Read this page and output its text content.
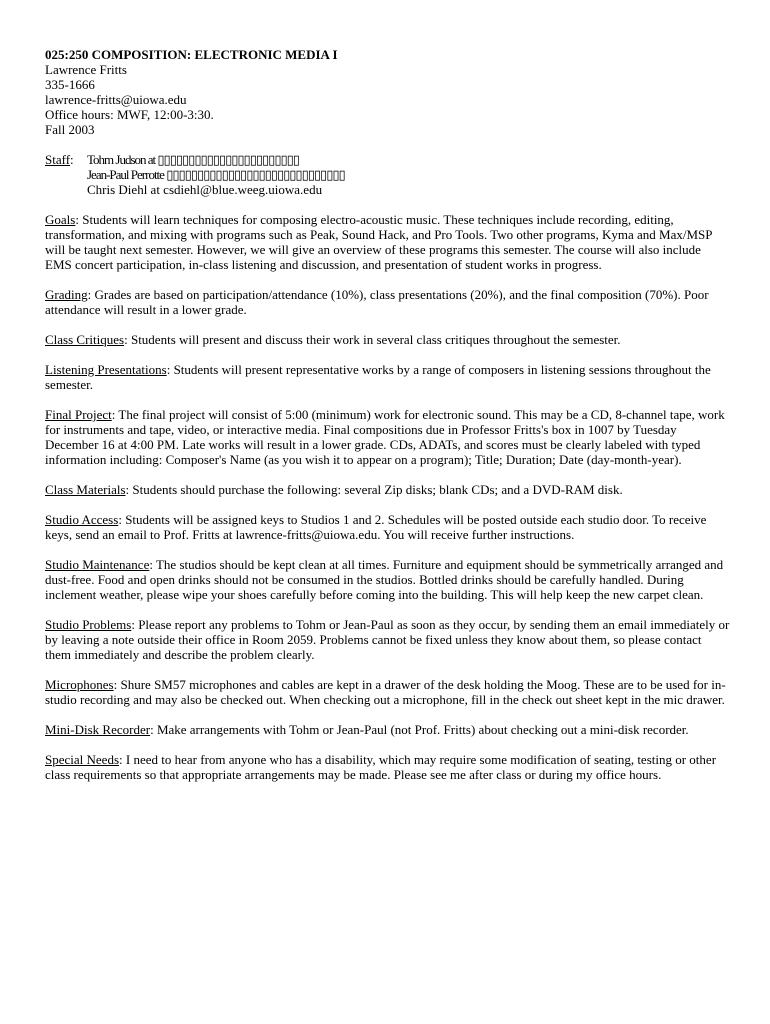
025:250 COMPOSITION: ELECTRONIC MEDIA I

Lawrence Fritts

335-1666

lawrence-fritts@uiowa.edu

Office hours: MWF, 12:00-3:30.

Fall 2003

Staff:	Tohm Judson at ▯▯▯▯▯▯▯▯▯▯▯▯▯▯▯▯▯▯▯▯▯▯▯
Jean-Paul Perrotte ▯▯▯▯▯▯▯▯▯▯▯▯▯▯▯▯▯▯▯▯▯▯▯▯▯▯▯▯▯
Chris Diehl at csdiehl@blue.weeg.uiowa.edu

Goals: Students will learn techniques for composing electro-acoustic music. These techniques include recording, editing, transformation, and mixing with programs such as Peak, Sound Hack, and Pro Tools. Two other programs, Kyma and Max/MSP will be taught next semester. However, we will give an overview of these programs this semester. The course will also include EMS concert participation, in-class listening and discussion, and presentation of student works in progress.

Grading: Grades are based on participation/attendance (10%), class presentations (20%), and the final composition (70%). Poor attendance will result in a lower grade.

Class Critiques: Students will present and discuss their work in several class critiques throughout the semester.

Listening Presentations: Students will present representative works by a range of composers in listening sessions throughout the semester.

Final Project: The final project will consist of 5:00 (minimum) work for electronic sound. This may be a CD, 8-channel tape, work for instruments and tape, video, or interactive media. Final compositions due in Professor Fritts's box in 1007 by Tuesday December 16 at 4:00 PM. Late works will result in a lower grade. CDs, ADATs, and scores must be clearly labeled with typed information including: Composer's Name (as you wish it to appear on a program); Title; Duration; Date (day-month-year).

Class Materials: Students should purchase the following: several Zip disks; blank CDs; and a DVD-RAM disk.

Studio Access: Students will be assigned keys to Studios 1 and 2. Schedules will be posted outside each studio door. To receive keys, send an email to Prof. Fritts at lawrence-fritts@uiowa.edu. You will receive further instructions.

Studio Maintenance: The studios should be kept clean at all times. Furniture and equipment should be symmetrically arranged and dust-free. Food and open drinks should not be consumed in the studios. Bottled drinks should be carefully handled. During inclement weather, please wipe your shoes carefully before coming into the building. This will help keep the new carpet clean.

Studio Problems: Please report any problems to Tohm or Jean-Paul as soon as they occur, by sending them an email immediately or by leaving a note outside their office in Room 2059. Problems cannot be fixed unless they know about them, so please contact them immediately and describe the problem clearly.

Microphones: Shure SM57 microphones and cables are kept in a drawer of the desk holding the Moog. These are to be used for in-studio recording and may also be checked out. When checking out a microphone, fill in the check out sheet kept in the mic drawer.

Mini-Disk Recorder: Make arrangements with Tohm or Jean-Paul (not Prof. Fritts) about checking out a mini-disk recorder.

Special Needs: I need to hear from anyone who has a disability, which may require some modification of seating, testing or other class requirements so that appropriate arrangements may be made. Please see me after class or during my office hours.
